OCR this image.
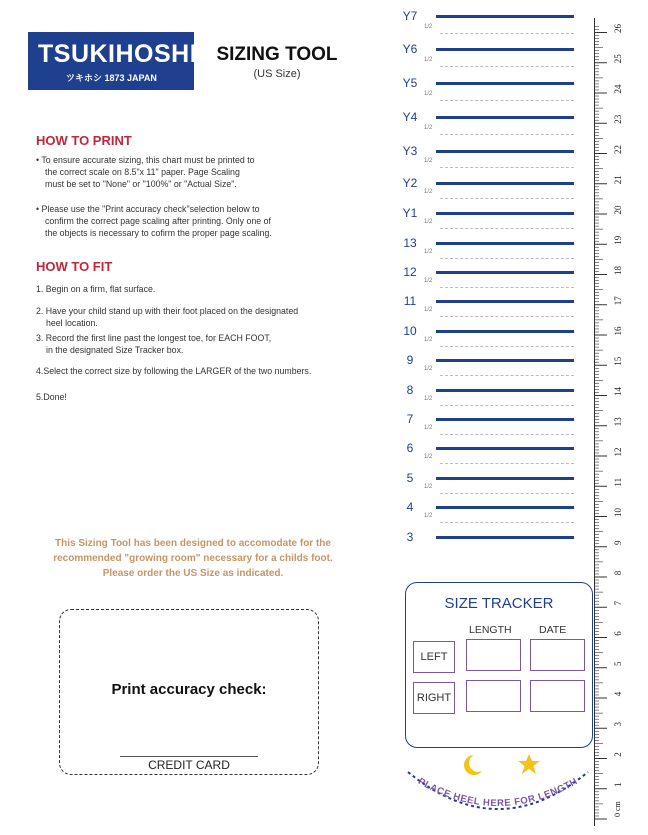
TSUKIHOSHI
ツキホシ 1873 JAPAN
SIZING TOOL
(US Size)
HOW TO PRINT
• To ensure accurate sizing, this chart must be printed to
the correct scale on 8.5"x 11" paper. Page Scaling
must be set to "None" or "100%" or "Actual Size".
• Please use the "Print accuracy check"selection below to
confirm the correct page scaling after printing. Only one of
the objects is necessary to cofirm the proper page scaling.
HOW TO FIT
1. Begin on a firm, flat surface.
2. Have your child stand up with their foot placed on the designated
heel location.
3. Record the first line past the longest toe, for EACH FOOT,
in the designated Size Tracker box.
4.Select the correct size by following the LARGER of the two numbers.
5.Done!
This Sizing Tool has been designed to accomodate for the
recommended "growing room" necessary for a childs foot.
Please order the US Size as indicated.
Print accuracy check:
CREDIT CARD
Y7
1/2
Y6
1/2
Y5
1/2
Y4
1/2
Y3
1/2
Y2
1/2
Y1
1/2
13
1/2
12
1/2
11
1/2
10
1/2
9
1/2
8
1/2
7
1/2
6
1/2
5
1/2
4
1/2
3
SIZE TRACKER
LENGTH	DATE
LEFT
RIGHT
PLACE HEEL HERE FOR LENGTH
0 cm
1
2
3
4
5
6
7
8
9
10
11
12
13
14
15
16
17
18
19
20
21
22
23
24
25
26
